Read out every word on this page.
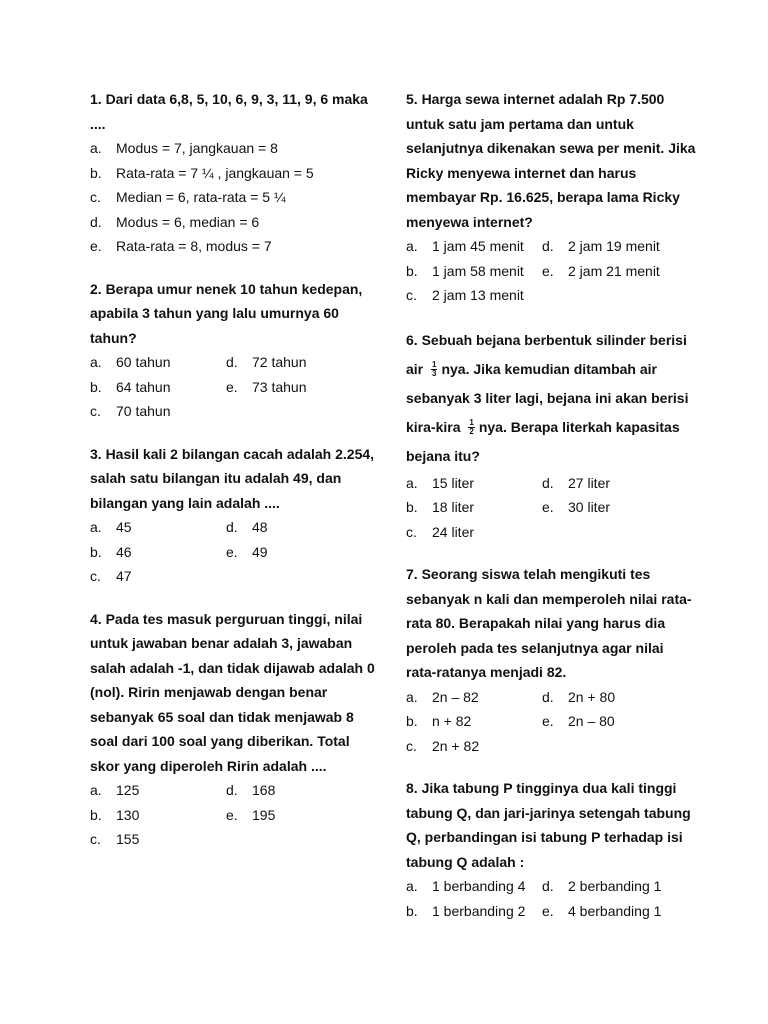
1. Dari data 6,8, 5, 10, 6, 9, 3, 11, 9, 6 maka ....

a.	Modus = 7, jangkauan = 8
b.	Rata-rata = 7 ¼ , jangkauan = 5
c.	Median = 6, rata-rata = 5 ¼
d.	Modus = 6, median = 6
e.	Rata-rata = 8, modus = 7

2. Berapa umur nenek 10 tahun kedepan, apabila 3 tahun yang lalu umurnya 60 tahun?

a.	60 tahun	d.	72 tahun
b.	64 tahun	e.	73 tahun
c.	70 tahun

3. Hasil kali 2 bilangan cacah adalah 2.254, salah satu bilangan itu adalah 49, dan bilangan yang lain adalah ....

a.	45	d.	48
b.	46	e.	49
c.	47

4. Pada tes masuk perguruan tinggi, nilai untuk jawaban benar adalah 3, jawaban salah adalah -1, dan tidak dijawab adalah 0 (nol). Ririn menjawab dengan benar sebanyak 65 soal dan tidak menjawab 8 soal dari 100 soal yang diberikan. Total skor yang diperoleh Ririn adalah ....

a.	125	d.	168
b.	130	e.	195
c.	155

5. Harga sewa internet adalah Rp 7.500 untuk satu jam pertama dan untuk selanjutnya dikenakan sewa per menit. Jika Ricky menyewa internet dan harus membayar Rp. 16.625, berapa lama Ricky menyewa internet?

a.	1 jam 45 menit d.	2 jam 19 menit
b.	1 jam 58 menit e.	2 jam 21 menit
c.	2 jam 13 menit

6. Sebuah bejana berbentuk silinder berisi air $\frac{1}{3}$ nya. Jika kemudian ditambah air sebanyak 3 liter lagi, bejana ini akan berisi kira-kira $\frac{1}{2}$ nya. Berapa literkah kapasitas bejana itu?

a.	15 liter	d.	27 liter
b.	18 liter	e.	30 liter
c.	24 liter

7. Seorang siswa telah mengikuti tes sebanyak n kali dan memperoleh nilai rata-rata 80. Berapakah nilai yang harus dia peroleh pada tes selanjutnya agar nilai rata-ratanya menjadi 82.

a.	2n – 82	d.	2n + 80
b.	n + 82	e.	2n – 80
c.	2n + 82

8. Jika tabung P tingginya dua kali tinggi tabung Q, dan jari-jarinya setengah tabung Q, perbandingan isi tabung P terhadap isi tabung Q adalah :

a.	1 berbanding 4 d.	2 berbanding 1
b.	1 berbanding 2 e.	4 berbanding 1
